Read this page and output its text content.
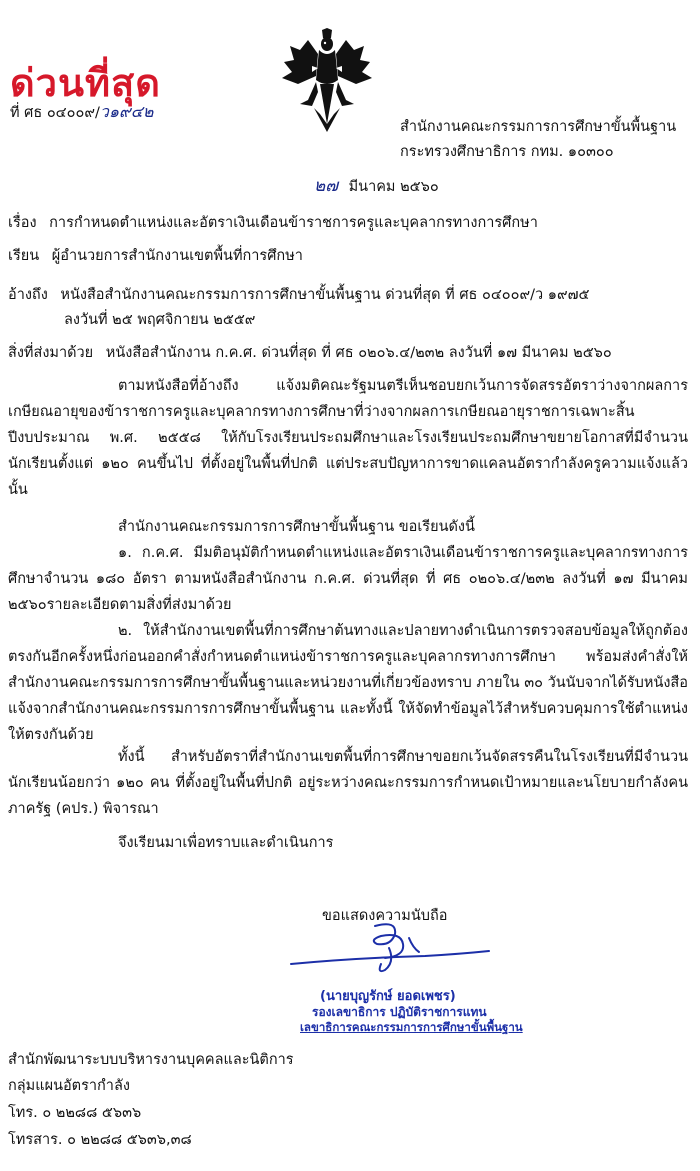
ด่วนที่สุด
ที่ ศธ ๐๔๐๐๙/ว๑๙๔๒
สำนักงานคณะกรรมการการศึกษาขั้นพื้นฐาน
กระทรวงศึกษาธิการ กทม. ๑๐๓๐๐
๒๗ มีนาคม ๒๕๖๐
เรื่อง การกำหนดตำแหน่งและอัตราเงินเดือนข้าราชการครูและบุคลากรทางการศึกษา
เรียน ผู้อำนวยการสำนักงานเขตพื้นที่การศึกษา
อ้างถึง หนังสือสำนักงานคณะกรรมการการศึกษาขั้นพื้นฐาน ด่วนที่สุด ที่ ศธ ๐๔๐๐๙/ว ๑๙๗๕
ลงวันที่ ๒๕ พฤศจิกายน ๒๕๕๙
สิ่งที่ส่งมาด้วย หนังสือสำนักงาน ก.ค.ศ. ด่วนที่สุด ที่ ศธ ๐๒๐๖.๔/๒๓๒ ลงวันที่ ๑๗ มีนาคม ๒๕๖๐
ตามหนังสือที่อ้างถึง แจ้งมติคณะรัฐมนตรีเห็นชอบยกเว้นการจัดสรรอัตราว่างจากผลการเกษียณอายุของข้าราชการครูและบุคลากรทางการศึกษาที่ว่างจากผลการเกษียณอายุราชการเฉพาะสิ้นปีงบประมาณ พ.ศ. ๒๕๕๘ ให้กับโรงเรียนประถมศึกษาและโรงเรียนประถมศึกษาขยายโอกาสที่มีจำนวนนักเรียนตั้งแต่ ๑๒๐ คนขึ้นไป ที่ตั้งอยู่ในพื้นที่ปกติ แต่ประสบปัญหาการขาดแคลนอัตรากำลังครูความแจ้งแล้ว นั้น
สำนักงานคณะกรรมการการศึกษาขั้นพื้นฐาน ขอเรียนดังนี้
๑. ก.ค.ศ. มีมติอนุมัติกำหนดตำแหน่งและอัตราเงินเดือนข้าราชการครูและบุคลากรทางการศึกษาจำนวน ๑๘๐ อัตรา ตามหนังสือสำนักงาน ก.ค.ศ. ด่วนที่สุด ที่ ศธ ๐๒๐๖.๔/๒๓๒ ลงวันที่ ๑๗ มีนาคม ๒๕๖๐รายละเอียดตามสิ่งที่ส่งมาด้วย
๒. ให้สำนักงานเขตพื้นที่การศึกษาต้นทางและปลายทางดำเนินการตรวจสอบข้อมูลให้ถูกต้องตรงกันอีกครั้งหนึ่งก่อนออกคำสั่งกำหนดตำแหน่งข้าราชการครูและบุคลากรทางการศึกษา พร้อมส่งคำสั่งให้สำนักงานคณะกรรมการการศึกษาขั้นพื้นฐานและหน่วยงานที่เกี่ยวข้องทราบ ภายใน ๓๐ วันนับจากได้รับหนังสือแจ้งจากสำนักงานคณะกรรมการการศึกษาขั้นพื้นฐาน และทั้งนี้ ให้จัดทำข้อมูลไว้สำหรับควบคุมการใช้ตำแหน่งให้ตรงกันด้วย
ทั้งนี้ สำหรับอัตราที่สำนักงานเขตพื้นที่การศึกษาขอยกเว้นจัดสรรคืนในโรงเรียนที่มีจำนวนนักเรียนน้อยกว่า ๑๒๐ คน ที่ตั้งอยู่ในพื้นที่ปกติ อยู่ระหว่างคณะกรรมการกำหนดเป้าหมายและนโยบายกำลังคนภาครัฐ (คปร.) พิจารณา
จึงเรียนมาเพื่อทราบและดำเนินการ
ขอแสดงความนับถือ
(นายบุญรักษ์ ยอดเพชร)
รองเลขาธิการ ปฏิบัติราชการแทน
เลขาธิการคณะกรรมการการศึกษาขั้นพื้นฐาน
สำนักพัฒนาระบบบริหารงานบุคคลและนิติการ
กลุ่มแผนอัตรากำลัง
โทร. ๐ ๒๒๘๘ ๕๖๓๖
โทรสาร. ๐ ๒๒๘๘ ๕๖๓๖,๓๘
